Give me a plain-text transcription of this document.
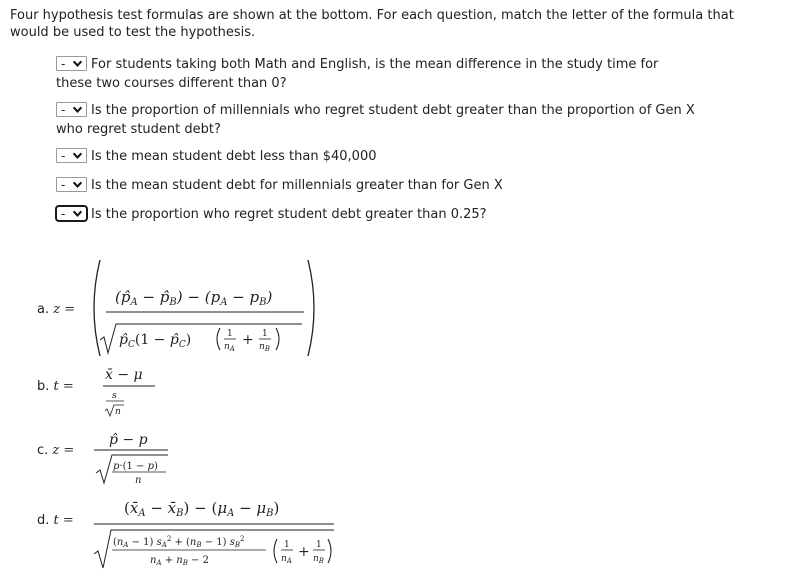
Four hypothesis test formulas are shown at the bottom. For each question, match the letter of the formula that would be used to test the hypothesis.
- For students taking both Math and English, is the mean difference in the study time for these two courses different than 0?
- Is the proportion of millennials who regret student debt greater than the proportion of Gen X who regret student debt?
- Is the mean student debt less than $40,000
- Is the mean student debt for millennials greater than for Gen X
- Is the proportion who regret student debt greater than 0.25?
a. z =
b. t =
c. z =
d. t =
($p̂_A$ − $p̂_B) - (p_A - p_B)$
$p̂_C(1$ − $p̂_C$)	1
$n_A$
+ 1
$n_B$
x̄ − μ
s
n
p̂ − p
p·(1 − p)
n
($x̄_A$ − $x̄_B) - (\mu_A - \mu_B)$
$(n_A - 1) s_A^2 + (n_B - 1)$ $s_B^2$
$n_A + n_B - 2$
1
$n_A$
+ 1
$n_B$
